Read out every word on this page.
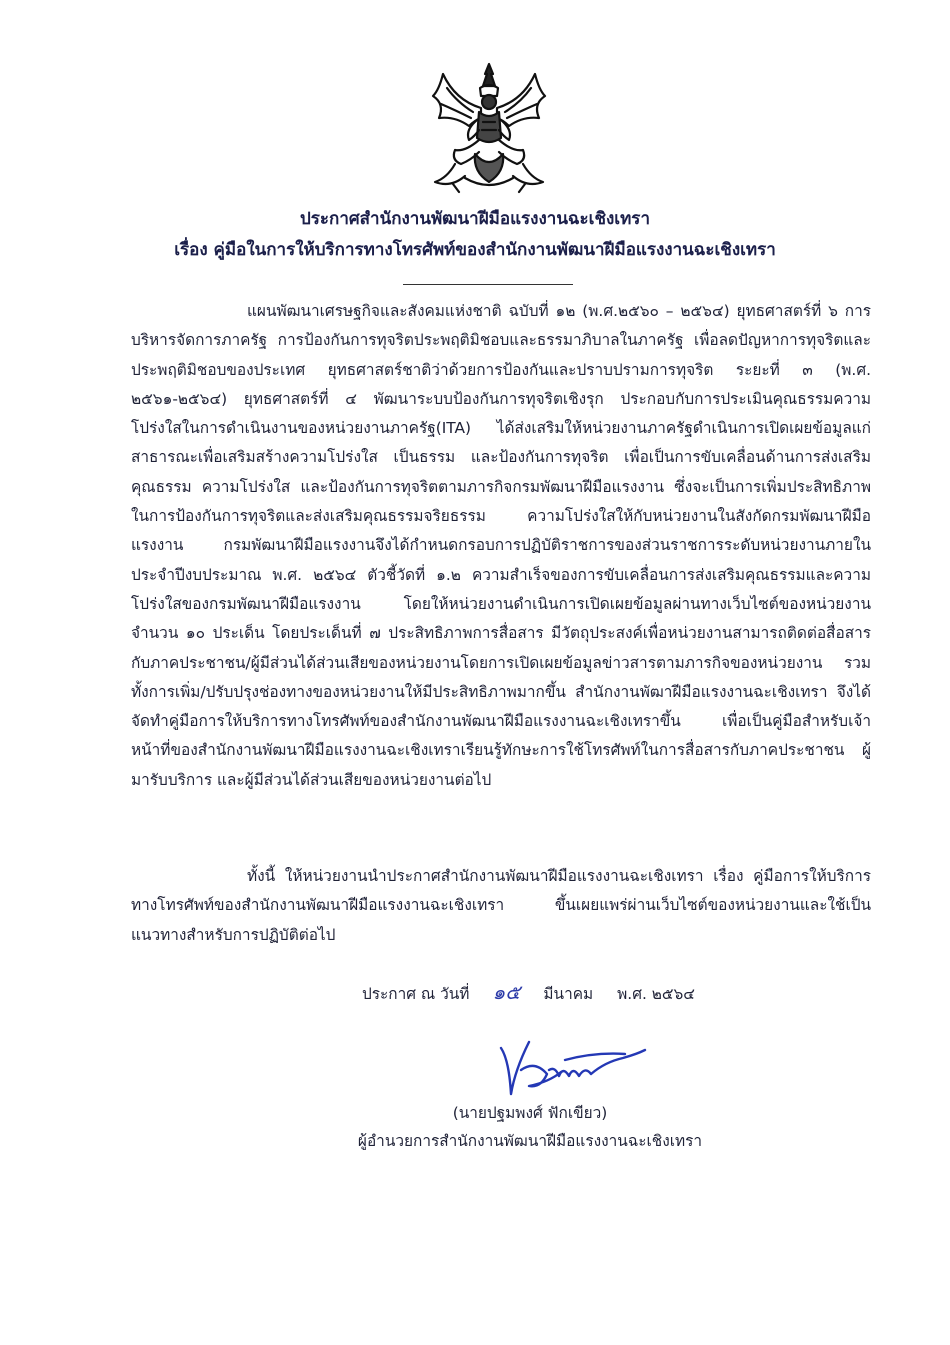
ประกาศสำนักงานพัฒนาฝีมือแรงงานฉะเชิงเทรา
เรื่อง คู่มือในการให้บริการทางโทรศัพท์ของสำนักงานพัฒนาฝีมือแรงงานฉะเชิงเทรา

แผนพัฒนาเศรษฐกิจและสังคมแห่งชาติ ฉบับที่ ๑๒ (พ.ศ.๒๕๖๐ – ๒๕๖๔) ยุทธศาสตร์ที่ ๖ การบริหารจัดการภาครัฐ การป้องกันการทุจริตประพฤติมิชอบและธรรมาภิบาลในภาครัฐ เพื่อลดปัญหาการทุจริตและประพฤติมิชอบของประเทศ ยุทธศาสตร์ชาติว่าด้วยการป้องกันและปราบปรามการทุจริต ระยะที่ ๓ (พ.ศ. ๒๕๖๑-๒๕๖๔) ยุทธศาสตร์ที่ ๔ พัฒนาระบบป้องกันการทุจริตเชิงรุก ประกอบกับการประเมินคุณธรรมความโปร่งใสในการดำเนินงานของหน่วยงานภาครัฐ(ITA) ได้ส่งเสริมให้หน่วยงานภาครัฐดำเนินการเปิดเผยข้อมูลแก่สาธารณะเพื่อเสริมสร้างความโปร่งใส เป็นธรรม และป้องกันการทุจริต เพื่อเป็นการขับเคลื่อนด้านการส่งเสริมคุณธรรม ความโปร่งใส และป้องกันการทุจริตตามภารกิจกรมพัฒนาฝีมือแรงงาน ซึ่งจะเป็นการเพิ่มประสิทธิภาพในการป้องกันการทุจริตและส่งเสริมคุณธรรมจริยธรรม ความโปร่งใสให้กับหน่วยงานในสังกัดกรมพัฒนาฝีมือแรงงาน กรมพัฒนาฝีมือแรงงานจึงได้กำหนดกรอบการปฏิบัติราชการของส่วนราชการระดับหน่วยงานภายใน ประจำปีงบประมาณ พ.ศ. ๒๕๖๔ ตัวชี้วัดที่ ๑.๒ ความสำเร็จของการขับเคลื่อนการส่งเสริมคุณธรรมและความโปร่งใสของกรมพัฒนาฝีมือแรงงาน โดยให้หน่วยงานดำเนินการเปิดเผยข้อมูลผ่านทางเว็บไซต์ของหน่วยงาน จำนวน ๑๐ ประเด็น โดยประเด็นที่ ๗ ประสิทธิภาพการสื่อสาร มีวัตถุประสงค์เพื่อหน่วยงานสามารถติดต่อสื่อสารกับภาคประชาชน/ผู้มีส่วนได้ส่วนเสียของหน่วยงานโดยการเปิดเผยข้อมูลข่าวสารตามภารกิจของหน่วยงาน รวมทั้งการเพิ่ม/ปรับปรุงช่องทางของหน่วยงานให้มีประสิทธิภาพมากขึ้น สำนักงานพัฒาฝีมือแรงงานฉะเชิงเทรา จึงได้จัดทำคู่มือการให้บริการทางโทรศัพท์ของสำนักงานพัฒนาฝีมือแรงงานฉะเชิงเทราขึ้น เพื่อเป็นคู่มือสำหรับเจ้าหน้าที่ของสำนักงานพัฒนาฝีมือแรงงานฉะเชิงเทราเรียนรู้ทักษะการใช้โทรศัพท์ในการสื่อสารกับภาคประชาชน ผู้มารับบริการ และผู้มีส่วนได้ส่วนเสียของหน่วยงานต่อไป

ทั้งนี้ ให้หน่วยงานนำประกาศสำนักงานพัฒนาฝีมือแรงงานฉะเชิงเทรา เรื่อง คู่มือการให้บริการทางโทรศัพท์ของสำนักงานพัฒนาฝีมือแรงงานฉะเชิงเทรา ขึ้นเผยแพร่ผ่านเว็บไซต์ของหน่วยงานและใช้เป็นแนวทางสำหรับการปฏิบัติต่อไป

ประกาศ ณ วันที่ ๑๕ มีนาคม พ.ศ. ๒๕๖๔
(นายปฐมพงศ์ ฟักเขียว)
ผู้อำนวยการสำนักงานพัฒนาฝีมือแรงงานฉะเชิงเทรา
